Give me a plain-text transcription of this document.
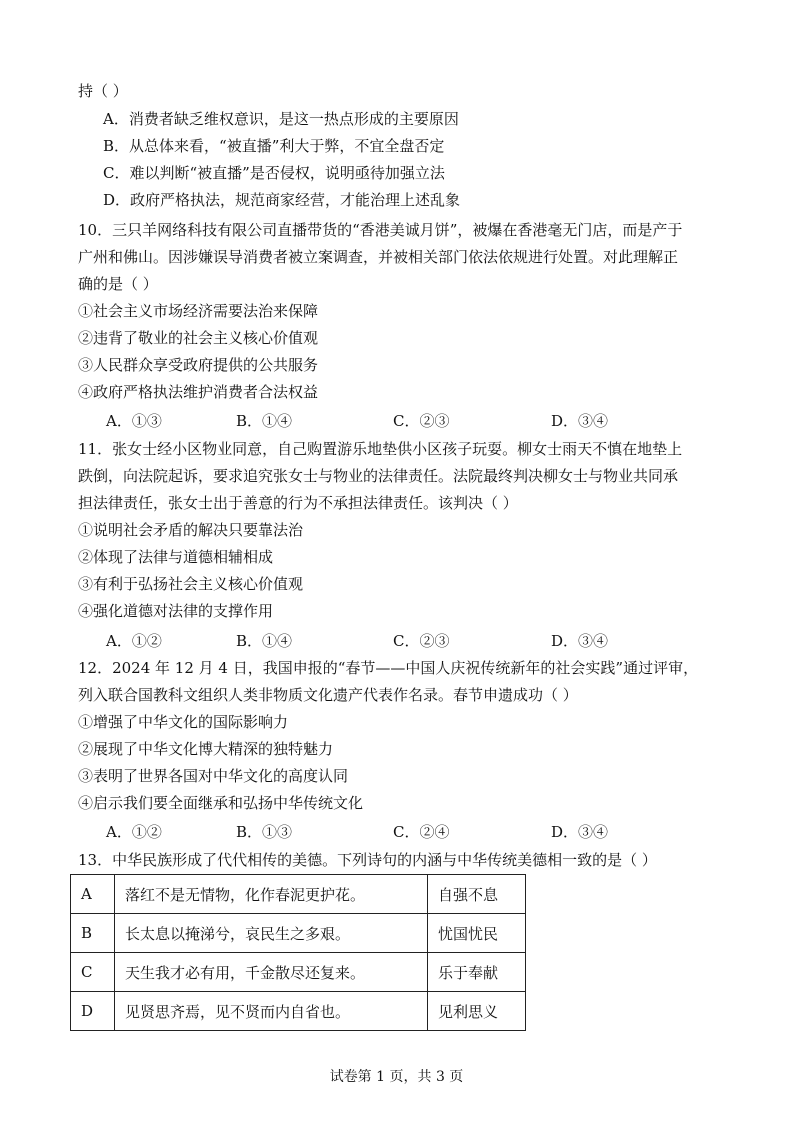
持（ ）
A．消费者缺乏维权意识，是这一热点形成的主要原因
B．从总体来看，“被直播”利大于弊，不宜全盘否定
C．难以判断“被直播”是否侵权，说明亟待加强立法
D．政府严格执法，规范商家经营，才能治理上述乱象
10．三只羊网络科技有限公司直播带货的“香港美诚月饼”，被爆在香港毫无门店，而是产于
广州和佛山。因涉嫌误导消费者被立案调查，并被相关部门依法依规进行处置。对此理解正
确的是（ ）
①社会主义市场经济需要法治来保障
②违背了敬业的社会主义核心价值观
③人民群众享受政府提供的公共服务
④政府严格执法维护消费者合法权益
A．①③	B．①④	C．②③	D．③④
11．张女士经小区物业同意，自己购置游乐地垫供小区孩子玩耍。柳女士雨天不慎在地垫上
跌倒，向法院起诉，要求追究张女士与物业的法律责任。法院最终判决柳女士与物业共同承
担法律责任，张女士出于善意的行为不承担法律责任。该判决（ ）
①说明社会矛盾的解决只要靠法治
②体现了法律与道德相辅相成
③有利于弘扬社会主义核心价值观
④强化道德对法律的支撑作用
A．①②	B．①④	C．②③	D．③④
12．2024 年 12 月 4 日，我国申报的“春节——中国人庆祝传统新年的社会实践”通过评审，
列入联合国教科文组织人类非物质文化遗产代表作名录。春节申遗成功（ ）
①增强了中华文化的国际影响力
②展现了中华文化博大精深的独特魅力
③表明了世界各国对中华文化的高度认同
④启示我们要全面继承和弘扬中华传统文化
A．①②	B．①③	C．②④	D．③④
13．中华民族形成了代代相传的美德。下列诗句的内涵与中华传统美德相一致的是（ ）
A	落红不是无情物，化作春泥更护花。	自强不息
B	长太息以掩涕兮，哀民生之多艰。	忧国忧民
C	天生我才必有用，千金散尽还复来。	乐于奉献
D	见贤思齐焉，见不贤而内自省也。	见利思义
试卷第 1 页，共 3 页
